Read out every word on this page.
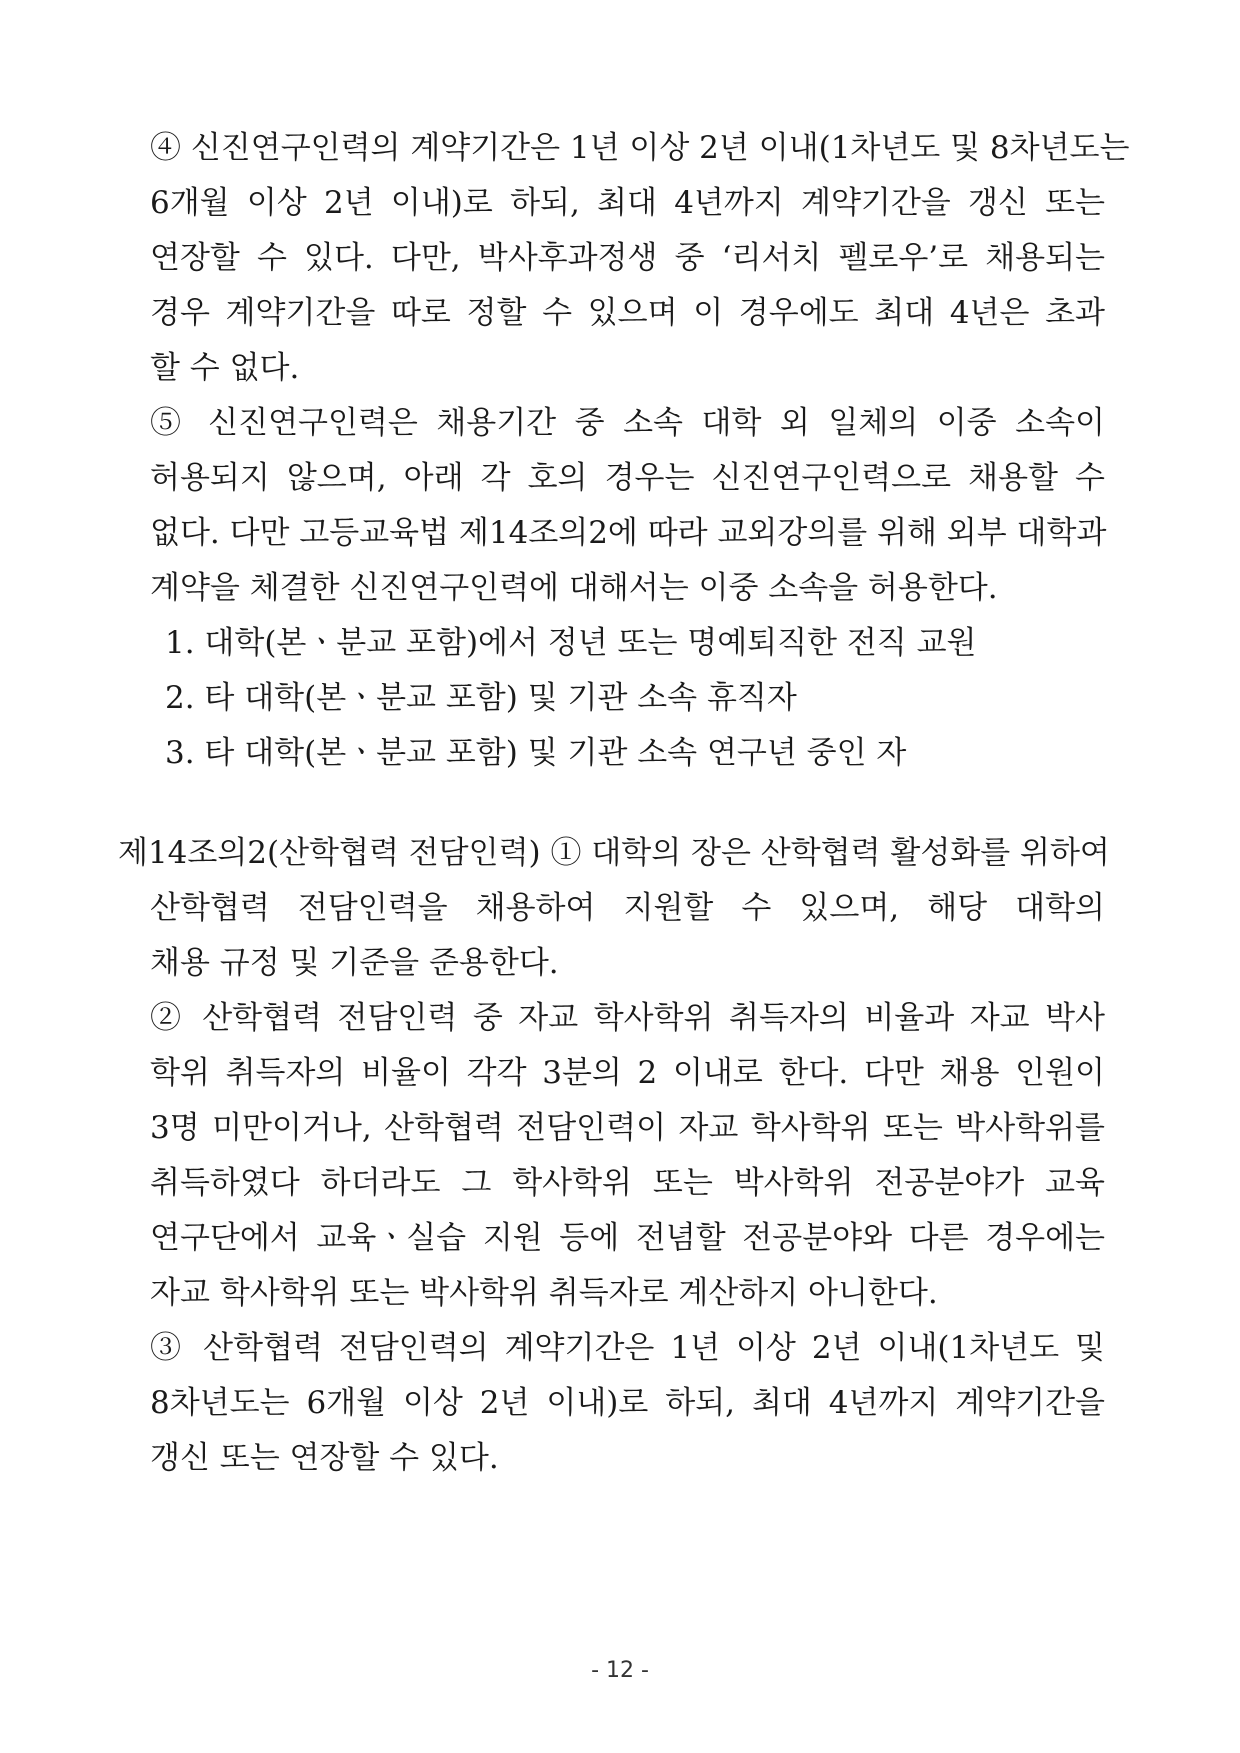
④ 신진연구인력의 계약기간은 1년 이상 2년 이내(1차년도 및 8차년도는
6개월 이상 2년 이내)로 하되, 최대 4년까지 계약기간을 갱신 또는
연장할 수 있다. 다만, 박사후과정생 중 ‘리서치 펠로우’로 채용되는
경우 계약기간을 따로 정할 수 있으며 이 경우에도 최대 4년은 초과
할 수 없다.
⑤ 신진연구인력은 채용기간 중 소속 대학 외 일체의 이중 소속이
허용되지 않으며, 아래 각 호의 경우는 신진연구인력으로 채용할 수
없다. 다만 고등교육법 제14조의2에 따라 교외강의를 위해 외부 대학과
계약을 체결한 신진연구인력에 대해서는 이중 소속을 허용한다.
1. 대학(본ㆍ분교 포함)에서 정년 또는 명예퇴직한 전직 교원
2. 타 대학(본ㆍ분교 포함) 및 기관 소속 휴직자
3. 타 대학(본ㆍ분교 포함) 및 기관 소속 연구년 중인 자
제14조의2(산학협력 전담인력) ① 대학의 장은 산학협력 활성화를 위하여
산학협력 전담인력을 채용하여 지원할 수 있으며, 해당 대학의
채용 규정 및 기준을 준용한다.
② 산학협력 전담인력 중 자교 학사학위 취득자의 비율과 자교 박사
학위 취득자의 비율이 각각 3분의 2 이내로 한다. 다만 채용 인원이
3명 미만이거나, 산학협력 전담인력이 자교 학사학위 또는 박사학위를
취득하였다 하더라도 그 학사학위 또는 박사학위 전공분야가 교육
연구단에서 교육ㆍ실습 지원 등에 전념할 전공분야와 다른 경우에는
자교 학사학위 또는 박사학위 취득자로 계산하지 아니한다.
③ 산학협력 전담인력의 계약기간은 1년 이상 2년 이내(1차년도 및
8차년도는 6개월 이상 2년 이내)로 하되, 최대 4년까지 계약기간을
갱신 또는 연장할 수 있다.
- 12 -
